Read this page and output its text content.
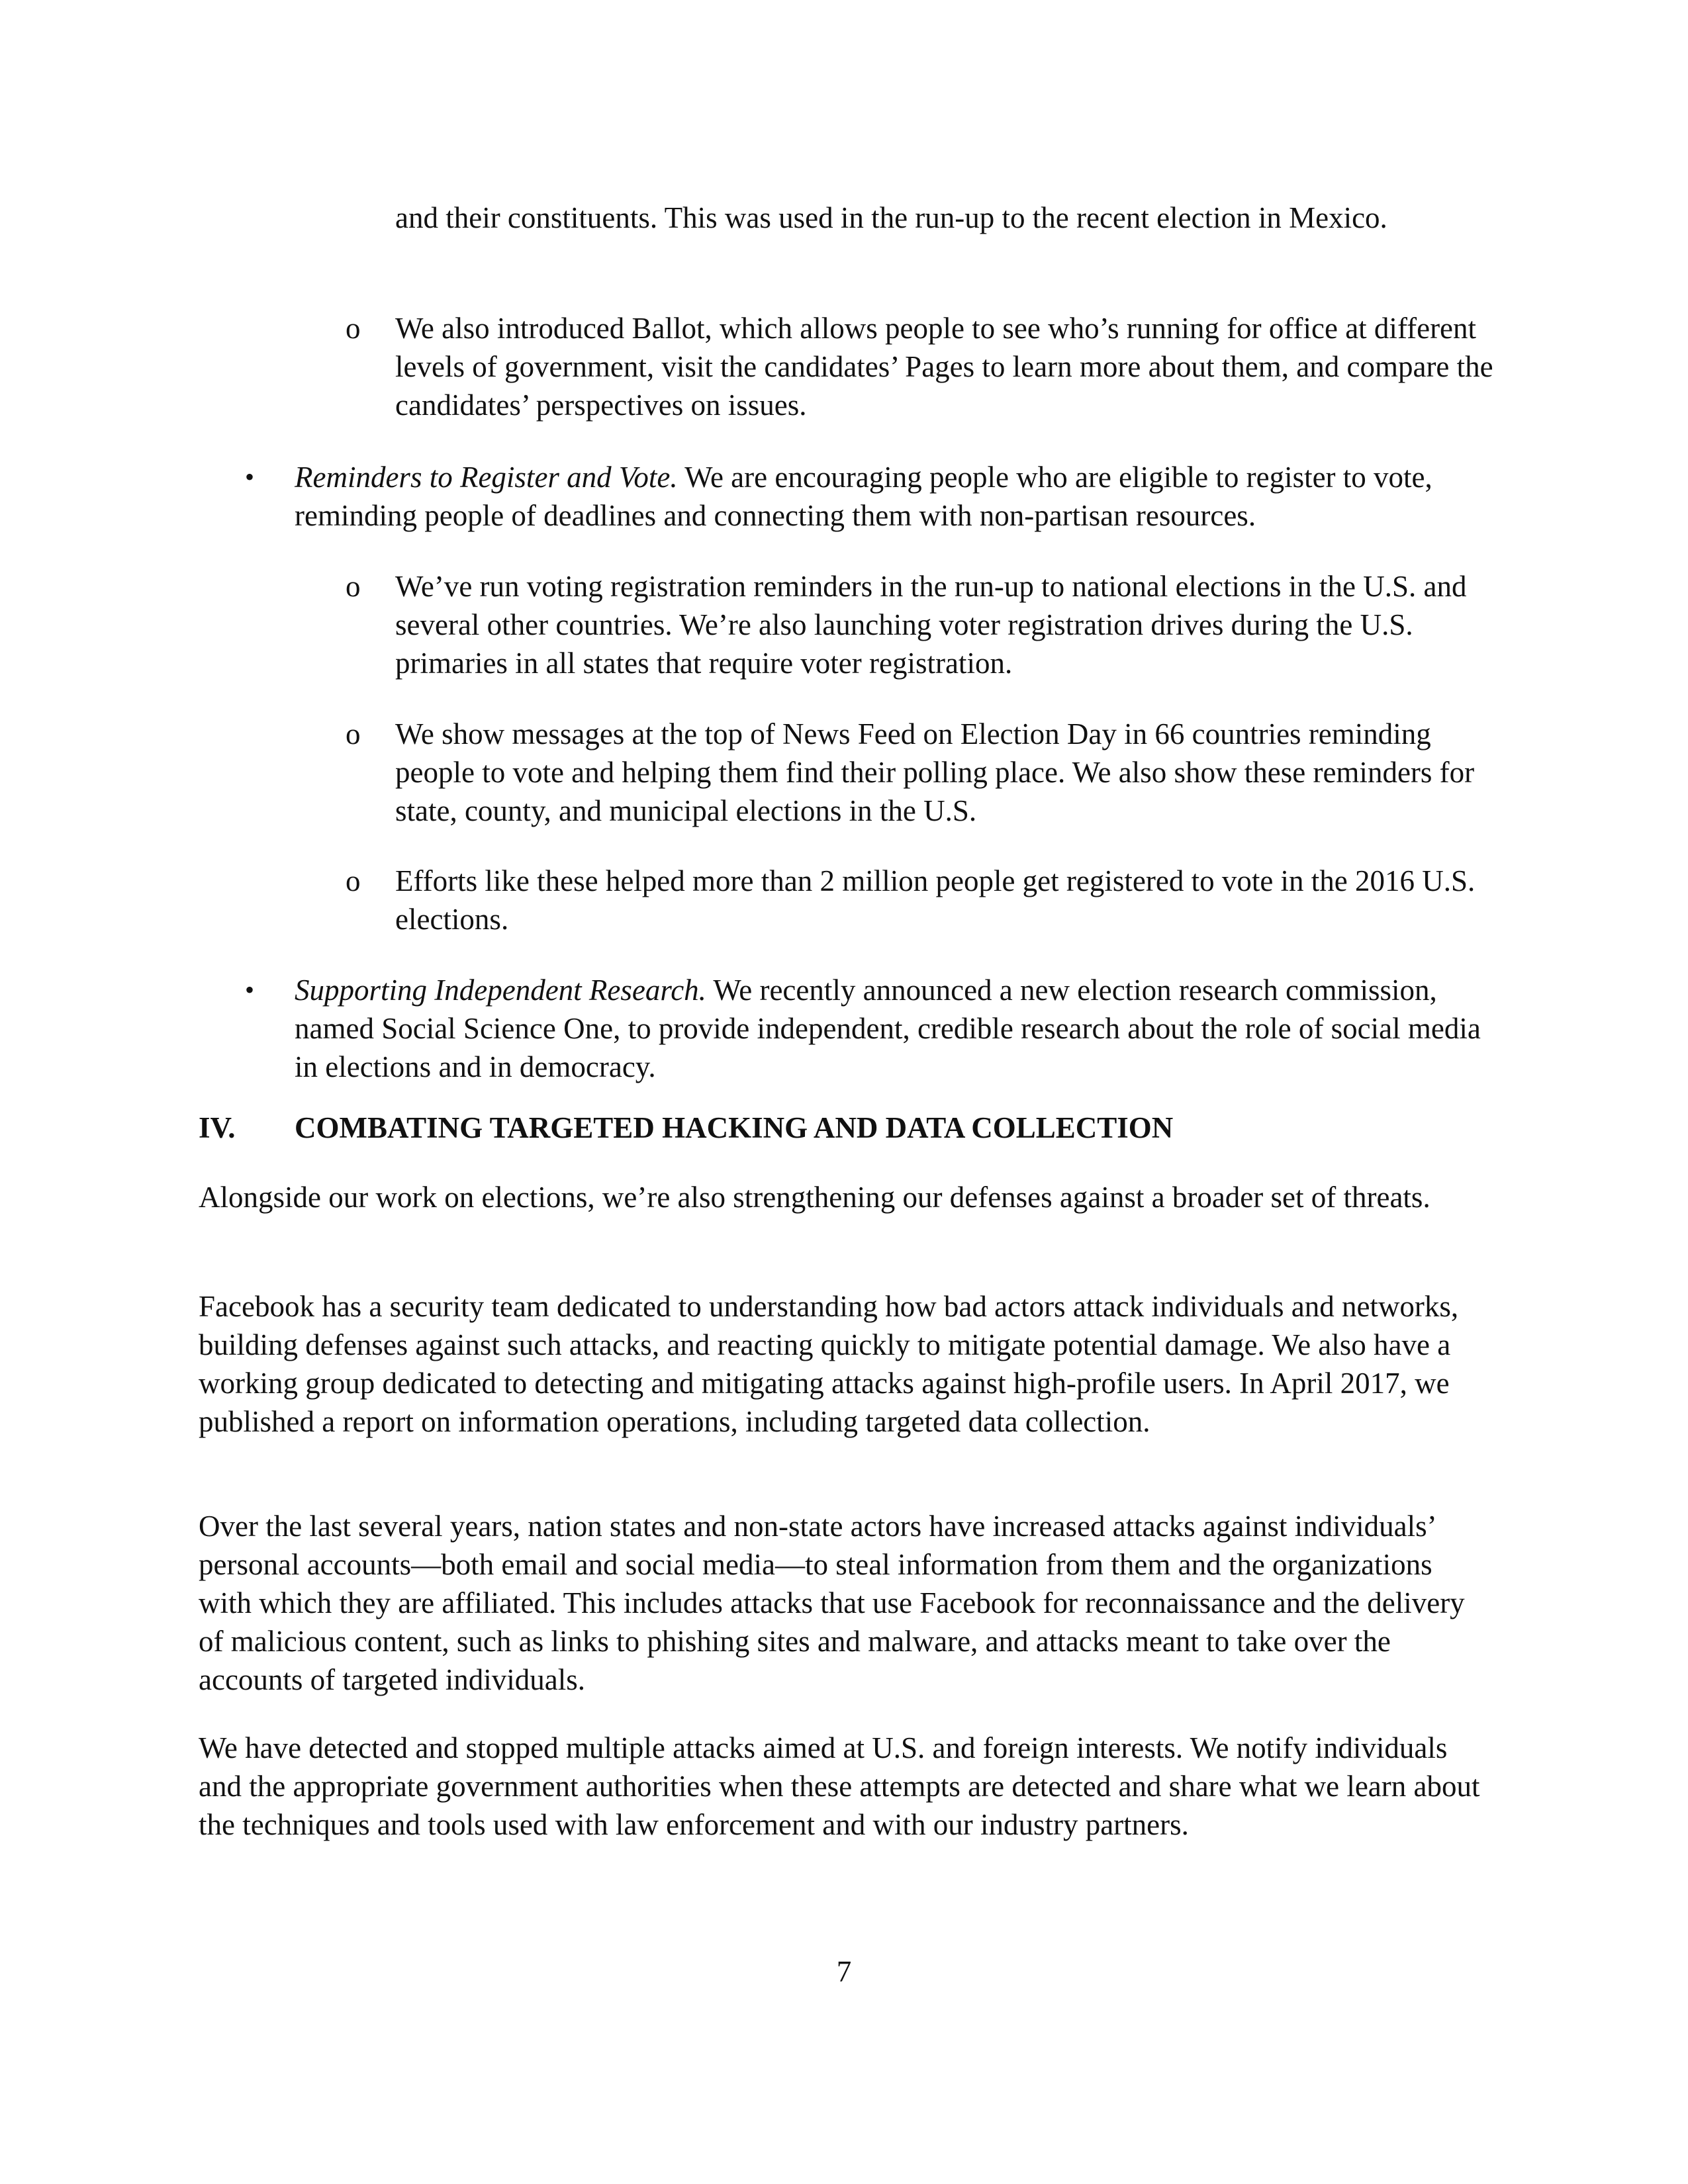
and their constituents. This was used in the run-up to the recent election in Mexico.

o We also introduced Ballot, which allows people to see who’s running for office at different levels of government, visit the candidates’ Pages to learn more about them, and compare the candidates’ perspectives on issues.

• Reminders to Register and Vote. We are encouraging people who are eligible to register to vote, reminding people of deadlines and connecting them with non-partisan resources.

o We’ve run voting registration reminders in the run-up to national elections in the U.S. and several other countries. We’re also launching voter registration drives during the U.S. primaries in all states that require voter registration.

o We show messages at the top of News Feed on Election Day in 66 countries reminding people to vote and helping them find their polling place. We also show these reminders for state, county, and municipal elections in the U.S.

o Efforts like these helped more than 2 million people get registered to vote in the 2016 U.S. elections.

• Supporting Independent Research. We recently announced a new election research commission, named Social Science One, to provide independent, credible research about the role of social media in elections and in democracy.

IV. COMBATING TARGETED HACKING AND DATA COLLECTION

Alongside our work on elections, we’re also strengthening our defenses against a broader set of threats.

Facebook has a security team dedicated to understanding how bad actors attack individuals and networks, building defenses against such attacks, and reacting quickly to mitigate potential damage. We also have a working group dedicated to detecting and mitigating attacks against high-profile users. In April 2017, we published a report on information operations, including targeted data collection.

Over the last several years, nation states and non-state actors have increased attacks against individuals’ personal accounts—both email and social media—to steal information from them and the organizations with which they are affiliated. This includes attacks that use Facebook for reconnaissance and the delivery of malicious content, such as links to phishing sites and malware, and attacks meant to take over the accounts of targeted individuals.

We have detected and stopped multiple attacks aimed at U.S. and foreign interests. We notify individuals and the appropriate government authorities when these attempts are detected and share what we learn about the techniques and tools used with law enforcement and with our industry partners.

7
